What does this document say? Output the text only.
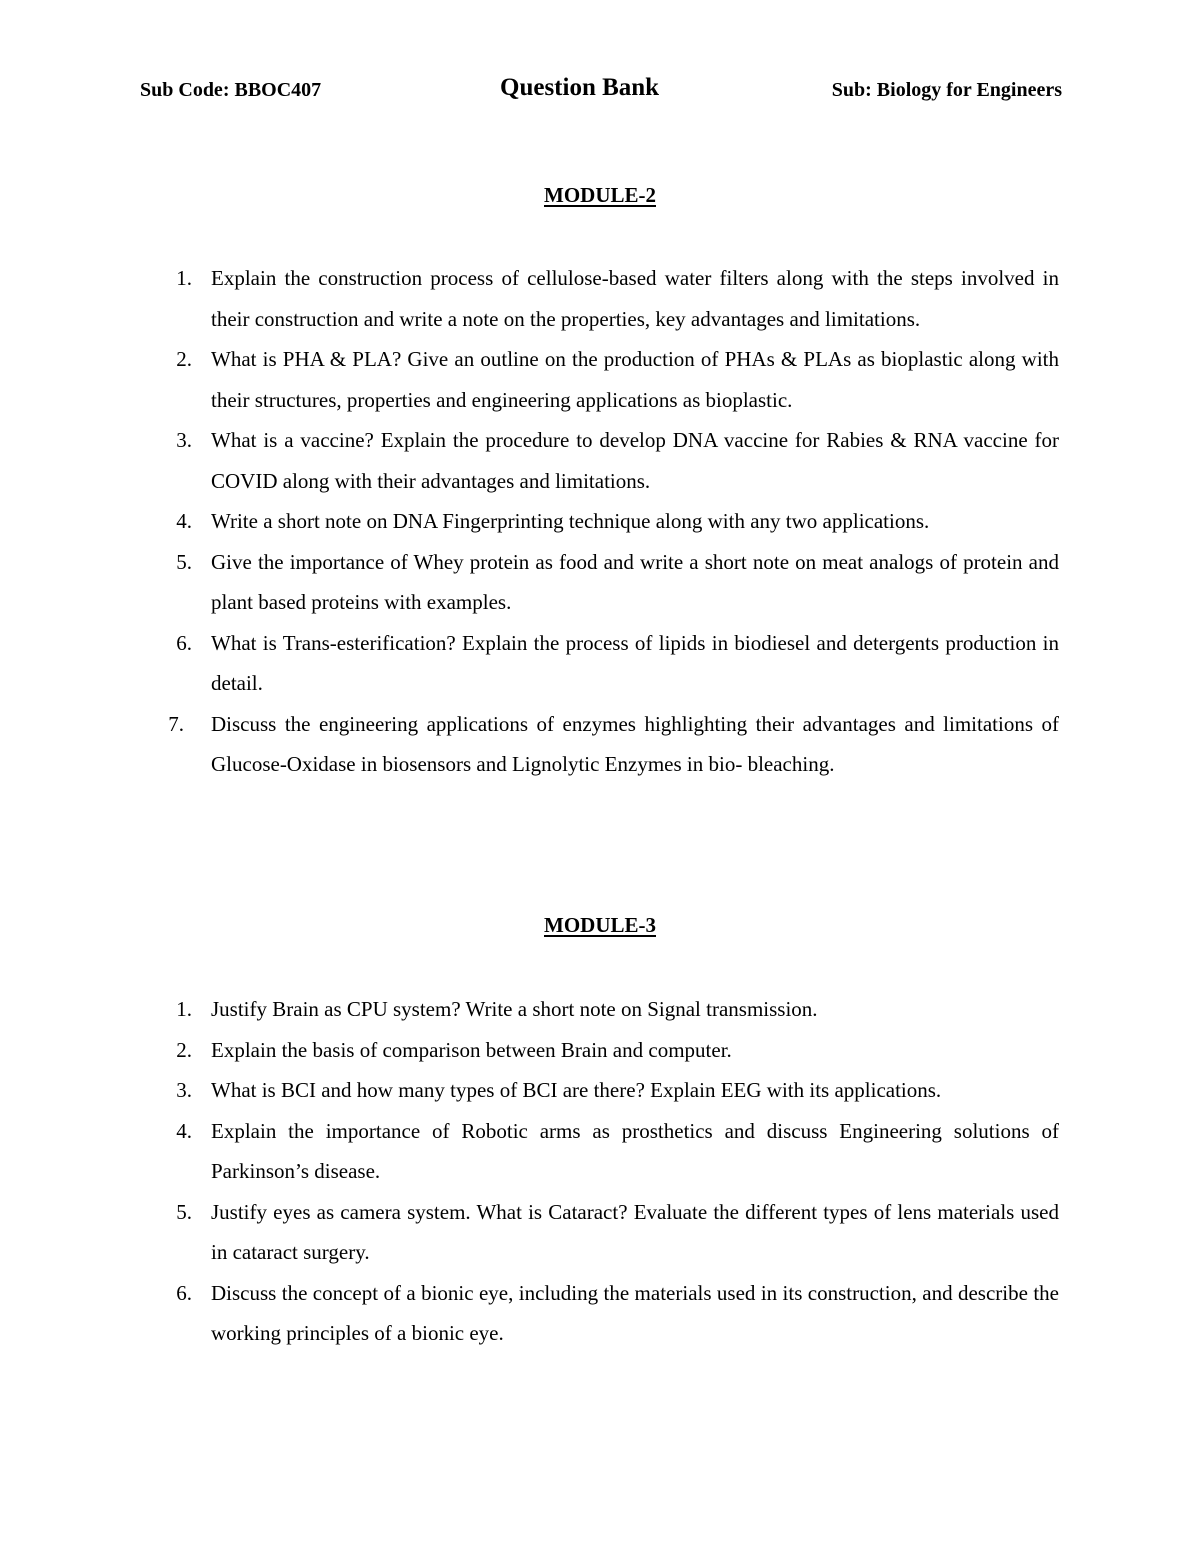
Sub Code: BBOC407	Question Bank	Sub: Biology for Engineers
MODULE-2
1. Explain the construction process of cellulose-based water filters along with the steps involved in their construction and write a note on the properties, key advantages and limitations.
2. What is PHA & PLA? Give an outline on the production of PHAs & PLAs as bioplastic along with their structures, properties and engineering applications as bioplastic.
3. What is a vaccine? Explain the procedure to develop DNA vaccine for Rabies & RNA vaccine for COVID along with their advantages and limitations.
4. Write a short note on DNA Fingerprinting technique along with any two applications.
5. Give the importance of Whey protein as food and write a short note on meat analogs of protein and plant based proteins with examples.
6. What is Trans-esterification? Explain the process of lipids in biodiesel and detergents production in detail.
7. Discuss the engineering applications of enzymes highlighting their advantages and limitations of Glucose-Oxidase in biosensors and Lignolytic Enzymes in bio- bleaching.
MODULE-3
1. Justify Brain as CPU system? Write a short note on Signal transmission.
2. Explain the basis of comparison between Brain and computer.
3. What is BCI and how many types of BCI are there? Explain EEG with its applications.
4. Explain the importance of Robotic arms as prosthetics and discuss Engineering solutions of Parkinson’s disease.
5. Justify eyes as camera system. What is Cataract? Evaluate the different types of lens materials used in cataract surgery.
6. Discuss the concept of a bionic eye, including the materials used in its construction, and describe the working principles of a bionic eye.
